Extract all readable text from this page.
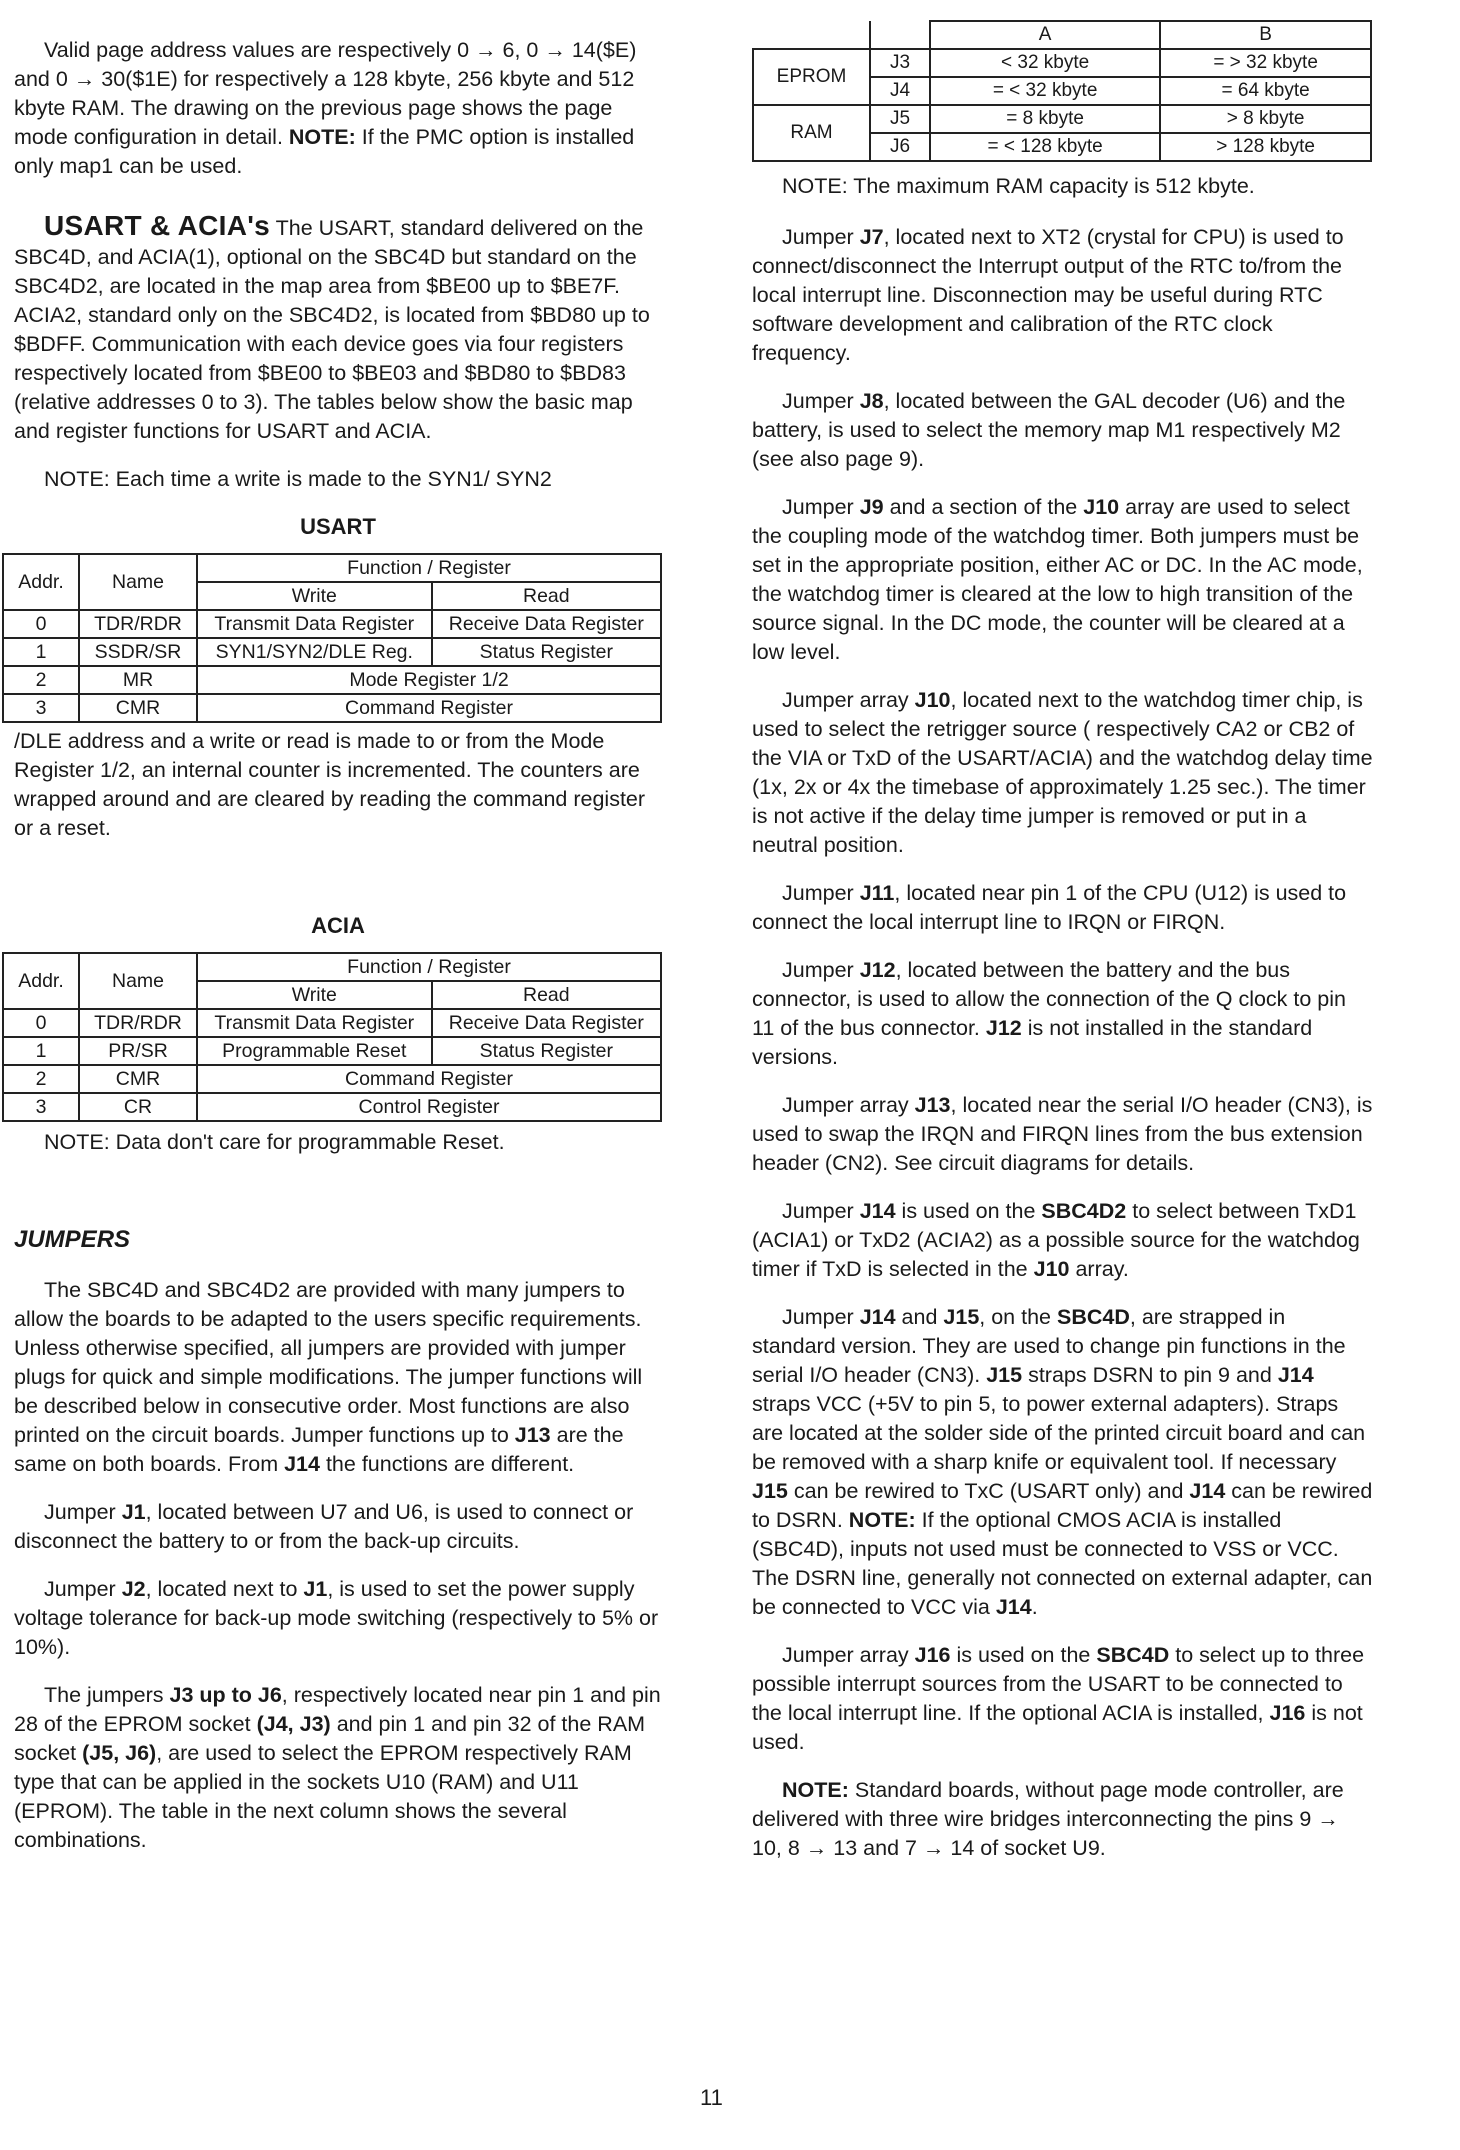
Valid page address values are respectively 0 → 6, 0 → 14($E) and 0 → 30($1E) for respectively a 128 kbyte, 256 kbyte and 512 kbyte RAM. The drawing on the previous page shows the page mode configuration in detail. NOTE: If the PMC option is installed only map1 can be used.

USART & ACIA's The USART, standard delivered on the SBC4D, and ACIA(1), optional on the SBC4D but standard on the SBC4D2, are located in the map area from $BE00 up to $BE7F. ACIA2, standard only on the SBC4D2, is located from $BD80 up to $BDFF. Communication with each device goes via four registers respectively located from $BE00 to $BE03 and $BD80 to $BD83 (relative addresses 0 to 3). The tables below show the basic map and register functions for USART and ACIA.

NOTE: Each time a write is made to the SYN1/ SYN2

USART
Addr.	Name	Function / Register	
		Write	Read
0	TDR/RDR	Transmit Data Register	Receive Data Register
1	SSDR/SR	SYN1/SYN2/DLE Reg.	Status Register
2	MR	Mode Register 1/2	
3	CMR	Command Register	

/DLE address and a write or read is made to or from the Mode Register 1/2, an internal counter is incremented. The counters are wrapped around and are cleared by reading the command register or a reset.

ACIA
Addr.	Name	Function / Register	
		Write	Read
0	TDR/RDR	Transmit Data Register	Receive Data Register
1	PR/SR	Programmable Reset	Status Register
2	CMR	Command Register	
3	CR	Control Register	

NOTE: Data don't care for programmable Reset.

JUMPERS

The SBC4D and SBC4D2 are provided with many jumpers to allow the boards to be adapted to the users specific requirements. Unless otherwise specified, all jumpers are provided with jumper plugs for quick and simple modifications. The jumper functions will be described below in consecutive order. Most functions are also printed on the circuit boards. Jumper functions up to J13 are the same on both boards. From J14 the functions are different.

Jumper J1, located between U7 and U6, is used to connect or disconnect the battery to or from the back-up circuits.

Jumper J2, located next to J1, is used to set the power supply voltage tolerance for back-up mode switching (respectively to 5% or 10%).

The jumpers J3 up to J6, respectively located near pin 1 and pin 28 of the EPROM socket (J4, J3) and pin 1 and pin 32 of the RAM socket (J5, J6), are used to select the EPROM respectively RAM type that can be applied in the sockets U10 (RAM) and U11 (EPROM). The table in the next column shows the several combinations.

		A	B
EPROM	J3	< 32 kbyte	= > 32 kbyte
	J4	= < 32 kbyte	= 64 kbyte
RAM	J5	= 8 kbyte	> 8 kbyte
	J6	= < 128 kbyte	> 128 kbyte

NOTE: The maximum RAM capacity is 512 kbyte.

Jumper J7, located next to XT2 (crystal for CPU) is used to connect/disconnect the Interrupt output of the RTC to/from the local interrupt line. Disconnection may be useful during RTC software development and calibration of the RTC clock frequency.

Jumper J8, located between the GAL decoder (U6) and the battery, is used to select the memory map M1 respectively M2 (see also page 9).

Jumper J9 and a section of the J10 array are used to select the coupling mode of the watchdog timer. Both jumpers must be set in the appropriate position, either AC or DC. In the AC mode, the watchdog timer is cleared at the low to high transition of the source signal. In the DC mode, the counter will be cleared at a low level.

Jumper array J10, located next to the watchdog timer chip, is used to select the retrigger source ( respectively CA2 or CB2 of the VIA or TxD of the USART/ACIA) and the watchdog delay time (1x, 2x or 4x the timebase of approximately 1.25 sec.). The timer is not active if the delay time jumper is removed or put in a neutral position.

Jumper J11, located near pin 1 of the CPU (U12) is used to connect the local interrupt line to IRQN or FIRQN.

Jumper J12, located between the battery and the bus connector, is used to allow the connection of the Q clock to pin 11 of the bus connector. J12 is not installed in the standard versions.

Jumper array J13, located near the serial I/O header (CN3), is used to swap the IRQN and FIRQN lines from the bus extension header (CN2). See circuit diagrams for details.

Jumper J14 is used on the SBC4D2 to select between TxD1 (ACIA1) or TxD2 (ACIA2) as a possible source for the watchdog timer if TxD is selected in the J10 array.

Jumper J14 and J15, on the SBC4D, are strapped in standard version. They are used to change pin functions in the serial I/O header (CN3). J15 straps DSRN to pin 9 and J14 straps VCC (+5V to pin 5, to power external adapters). Straps are located at the solder side of the printed circuit board and can be removed with a sharp knife or equivalent tool. If necessary J15 can be rewired to TxC (USART only) and J14 can be rewired to DSRN. NOTE: If the optional CMOS ACIA is installed (SBC4D), inputs not used must be connected to VSS or VCC. The DSRN line, generally not connected on external adapter, can be connected to VCC via J14.

Jumper array J16 is used on the SBC4D to select up to three possible interrupt sources from the USART to be connected to the local interrupt line. If the optional ACIA is installed, J16 is not used.

NOTE: Standard boards, without page mode controller, are delivered with three wire bridges interconnecting the pins 9 → 10, 8 → 13 and 7 → 14 of socket U9.

11
